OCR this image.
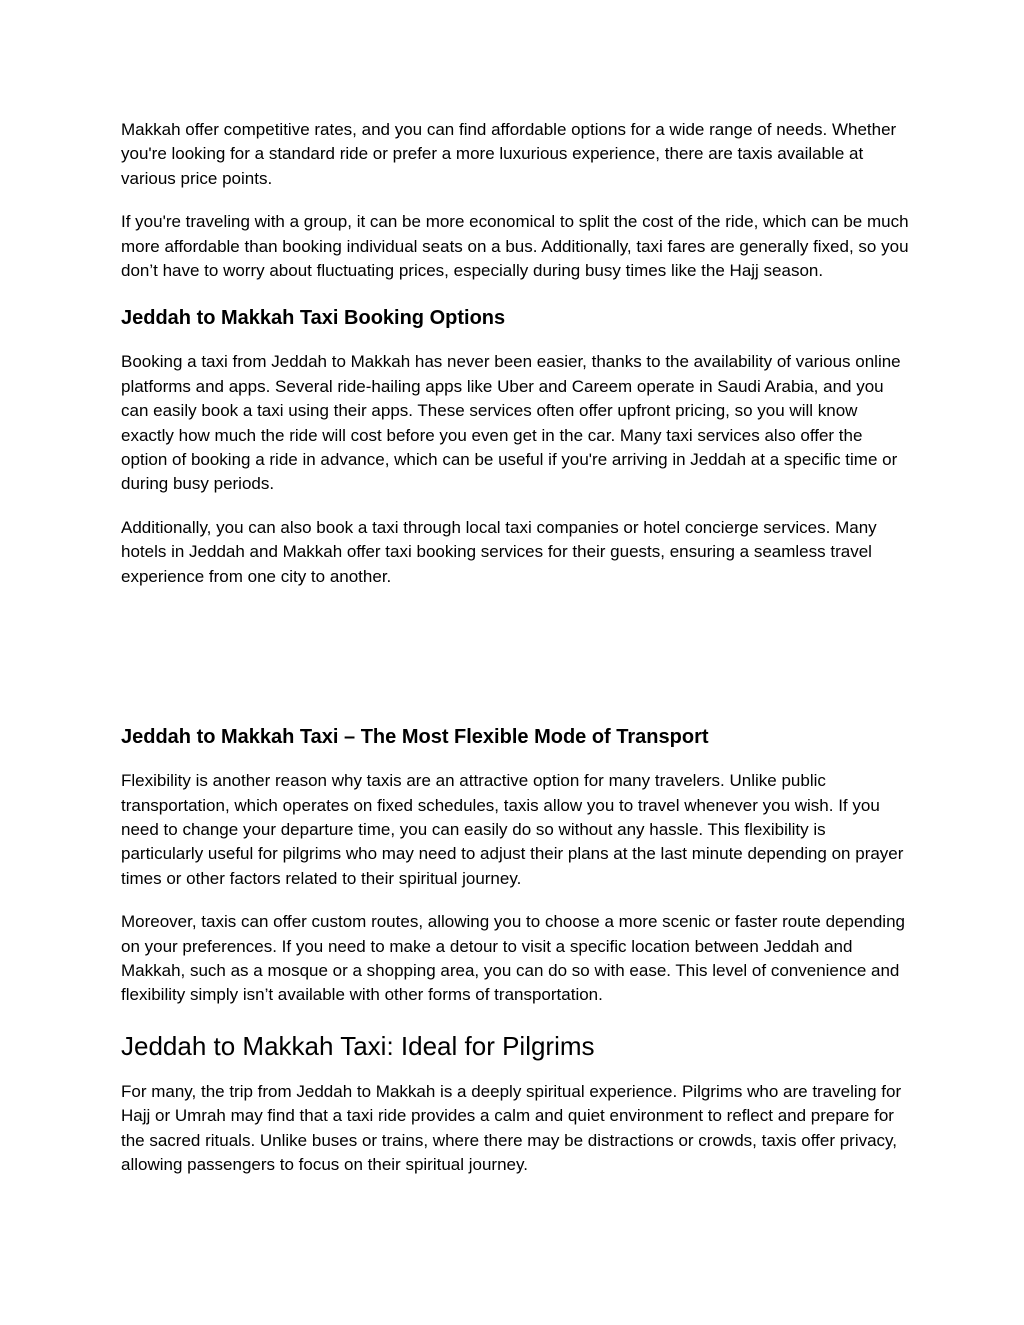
Makkah offer competitive rates, and you can find affordable options for a wide range of needs. Whether you're looking for a standard ride or prefer a more luxurious experience, there are taxis available at various price points.

If you're traveling with a group, it can be more economical to split the cost of the ride, which can be much more affordable than booking individual seats on a bus. Additionally, taxi fares are generally fixed, so you don’t have to worry about fluctuating prices, especially during busy times like the Hajj season.

Jeddah to Makkah Taxi Booking Options

Booking a taxi from Jeddah to Makkah has never been easier, thanks to the availability of various online platforms and apps. Several ride-hailing apps like Uber and Careem operate in Saudi Arabia, and you can easily book a taxi using their apps. These services often offer upfront pricing, so you will know exactly how much the ride will cost before you even get in the car. Many taxi services also offer the option of booking a ride in advance, which can be useful if you're arriving in Jeddah at a specific time or during busy periods.

Additionally, you can also book a taxi through local taxi companies or hotel concierge services. Many hotels in Jeddah and Makkah offer taxi booking services for their guests, ensuring a seamless travel experience from one city to another.

Jeddah to Makkah Taxi – The Most Flexible Mode of Transport

Flexibility is another reason why taxis are an attractive option for many travelers. Unlike public transportation, which operates on fixed schedules, taxis allow you to travel whenever you wish. If you need to change your departure time, you can easily do so without any hassle. This flexibility is particularly useful for pilgrims who may need to adjust their plans at the last minute depending on prayer times or other factors related to their spiritual journey.

Moreover, taxis can offer custom routes, allowing you to choose a more scenic or faster route depending on your preferences. If you need to make a detour to visit a specific location between Jeddah and Makkah, such as a mosque or a shopping area, you can do so with ease. This level of convenience and flexibility simply isn’t available with other forms of transportation.

Jeddah to Makkah Taxi: Ideal for Pilgrims

For many, the trip from Jeddah to Makkah is a deeply spiritual experience. Pilgrims who are traveling for Hajj or Umrah may find that a taxi ride provides a calm and quiet environment to reflect and prepare for the sacred rituals. Unlike buses or trains, where there may be distractions or crowds, taxis offer privacy, allowing passengers to focus on their spiritual journey.
